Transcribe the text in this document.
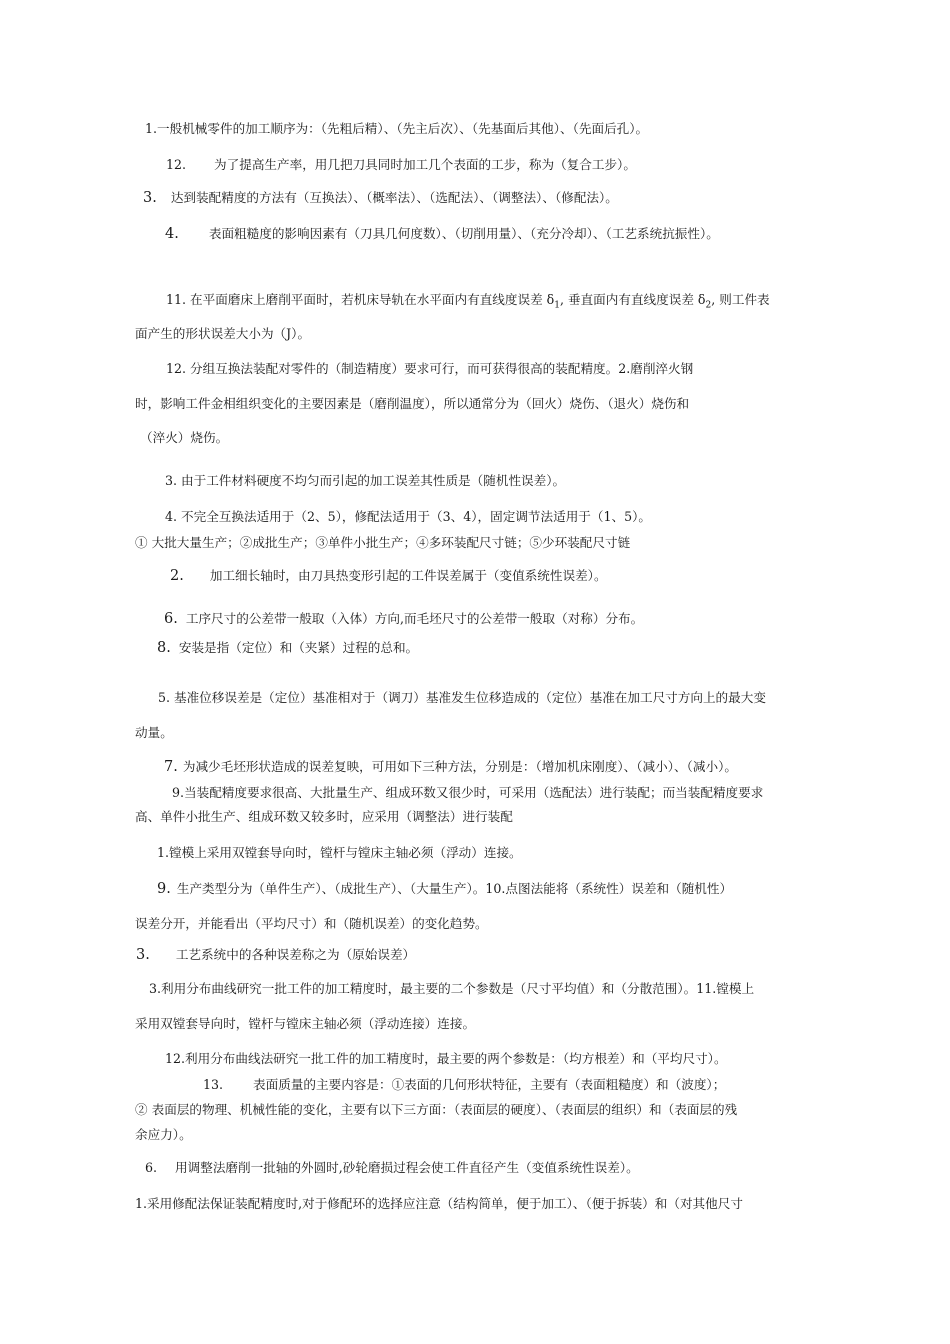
1.一般机械零件的加工顺序为：（先粗后精）、（先主后次）、（先基面后其他）、（先面后孔）。
12. 为了提高生产率，用几把刀具同时加工几个表面的工步，称为（复合工步）。
3. 达到装配精度的方法有（互换法）、（概率法）、（选配法）、（调整法）、（修配法）。
4. 表面粗糙度的影响因素有（刀具几何度数）、（切削用量）、（充分冷却）、（工艺系统抗振性）。
11. 在平面磨床上磨削平面时，若机床导轨在水平面内有直线度误差 $\delta_1$, 垂直面内有直线度误差 $\delta_2$, 则工件表
面产生的形状误差大小为（J）。
12. 分组互换法装配对零件的（制造精度）要求可行，而可获得很高的装配精度。2.磨削淬火钢
时，影响工件金相组织变化的主要因素是（磨削温度），所以通常分为（回火）烧伤、（退火）烧伤和
（淬火）烧伤。
3. 由于工件材料硬度不均匀而引起的加工误差其性质是（随机性误差）。
4. 不完全互换法适用于（2、5），修配法适用于（3、4），固定调节法适用于（1、5）。
① 大批大量生产；②成批生产；③单件小批生产；④多环装配尺寸链；⑤少环装配尺寸链
2. 加工细长轴时，由刀具热变形引起的工件误差属于（变值系统性误差）。
6. 工序尺寸的公差带一般取（入体）方向,而毛坯尺寸的公差带一般取（对称）分布。
8. 安装是指（定位）和（夹紧）过程的总和。
5. 基准位移误差是（定位）基准相对于（调刀）基准发生位移造成的（定位）基准在加工尺寸方向上的最大变
动量。
7. 为减少毛坯形状造成的误差复映，可用如下三种方法，分别是：（增加机床刚度）、（减小）、（减小）。
9.当装配精度要求很高、大批量生产、组成环数又很少时，可采用（选配法）进行装配；而当装配精度要求
高、单件小批生产、组成环数又较多时，应采用（调整法）进行装配
1.镗模上采用双镗套导向时，镗杆与镗床主轴必须（浮动）连接。
9. 生产类型分为（单件生产）、（成批生产）、（大量生产）。10.点图法能将（系统性）误差和（随机性）
误差分开，并能看出（平均尺寸）和（随机误差）的变化趋势。
3. 工艺系统中的各种误差称之为（原始误差）
3.利用分布曲线研究一批工件的加工精度时，最主要的二个参数是（尺寸平均值）和（分散范围）。11.镗模上
采用双镗套导向时，镗杆与镗床主轴必须（浮动连接）连接。
12.利用分布曲线法研究一批工件的加工精度时，最主要的两个参数是：（均方根差）和（平均尺寸）。
13. 表面质量的主要内容是：①表面的几何形状特征，主要有（表面粗糙度）和（波度）；
② 表面层的物理、机械性能的变化，主要有以下三方面：（表面层的硬度）、（表面层的组织）和（表面层的残
余应力）。
6. 用调整法磨削一批轴的外圆时,砂轮磨损过程会使工件直径产生（变值系统性误差）。
1.采用修配法保证装配精度时,对于修配环的选择应注意（结构简单，便于加工）、（便于拆装）和（对其他尺寸
